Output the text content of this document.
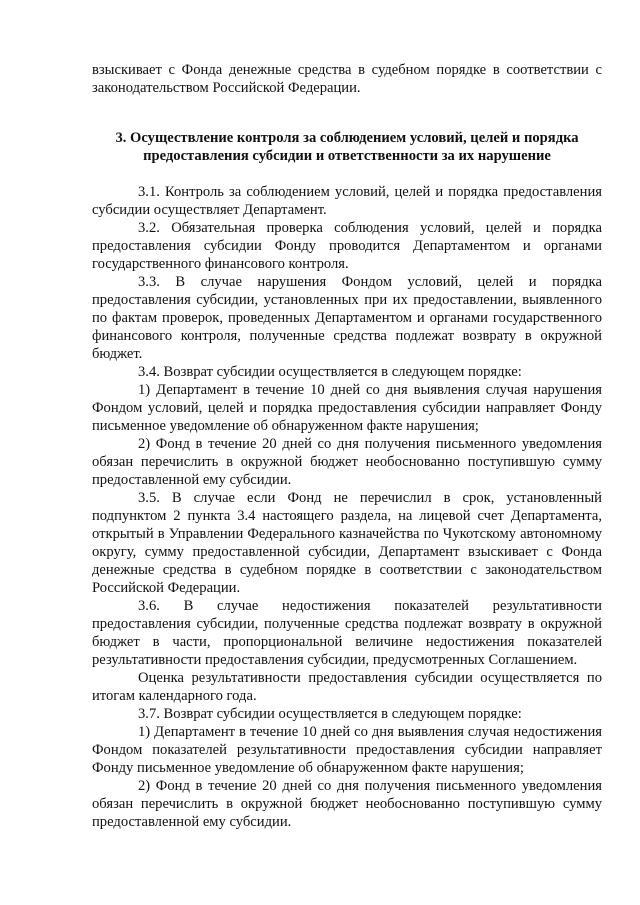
взыскивает с Фонда денежные средства в судебном порядке в соответствии с законодательством Российской Федерации.

3. Осуществление контроля за соблюдением условий, целей и порядка предоставления субсидии и ответственности за их нарушение

3.1. Контроль за соблюдением условий, целей и порядка предоставления субсидии осуществляет Департамент.

3.2. Обязательная проверка соблюдения условий, целей и порядка предоставления субсидии Фонду проводится Департаментом и органами государственного финансового контроля.

3.3. В случае нарушения Фондом условий, целей и порядка предоставления субсидии, установленных при их предоставлении, выявленного по фактам проверок, проведенных Департаментом и органами государственного финансового контроля, полученные средства подлежат возврату в окружной бюджет.

3.4. Возврат субсидии осуществляется в следующем порядке:

1) Департамент в течение 10 дней со дня выявления случая нарушения Фондом условий, целей и порядка предоставления субсидии направляет Фонду письменное уведомление об обнаруженном факте нарушения;

2) Фонд в течение 20 дней со дня получения письменного уведомления обязан перечислить в окружной бюджет необоснованно поступившую сумму предоставленной ему субсидии.

3.5. В случае если Фонд не перечислил в срок, установленный подпунктом 2 пункта 3.4 настоящего раздела, на лицевой счет Департамента, открытый в Управлении Федерального казначейства по Чукотскому автономному округу, сумму предоставленной субсидии, Департамент взыскивает с Фонда денежные средства в судебном порядке в соответствии с законодательством Российской Федерации.

3.6. В случае недостижения показателей результативности предоставления субсидии, полученные средства подлежат возврату в окружной бюджет в части, пропорциональной величине недостижения показателей результативности предоставления субсидии, предусмотренных Соглашением.

Оценка результативности предоставления субсидии осуществляется по итогам календарного года.

3.7. Возврат субсидии осуществляется в следующем порядке:

1) Департамент в течение 10 дней со дня выявления случая недостижения Фондом показателей результативности предоставления субсидии направляет Фонду письменное уведомление об обнаруженном факте нарушения;

2) Фонд в течение 20 дней со дня получения письменного уведомления обязан перечислить в окружной бюджет необоснованно поступившую сумму предоставленной ему субсидии.
